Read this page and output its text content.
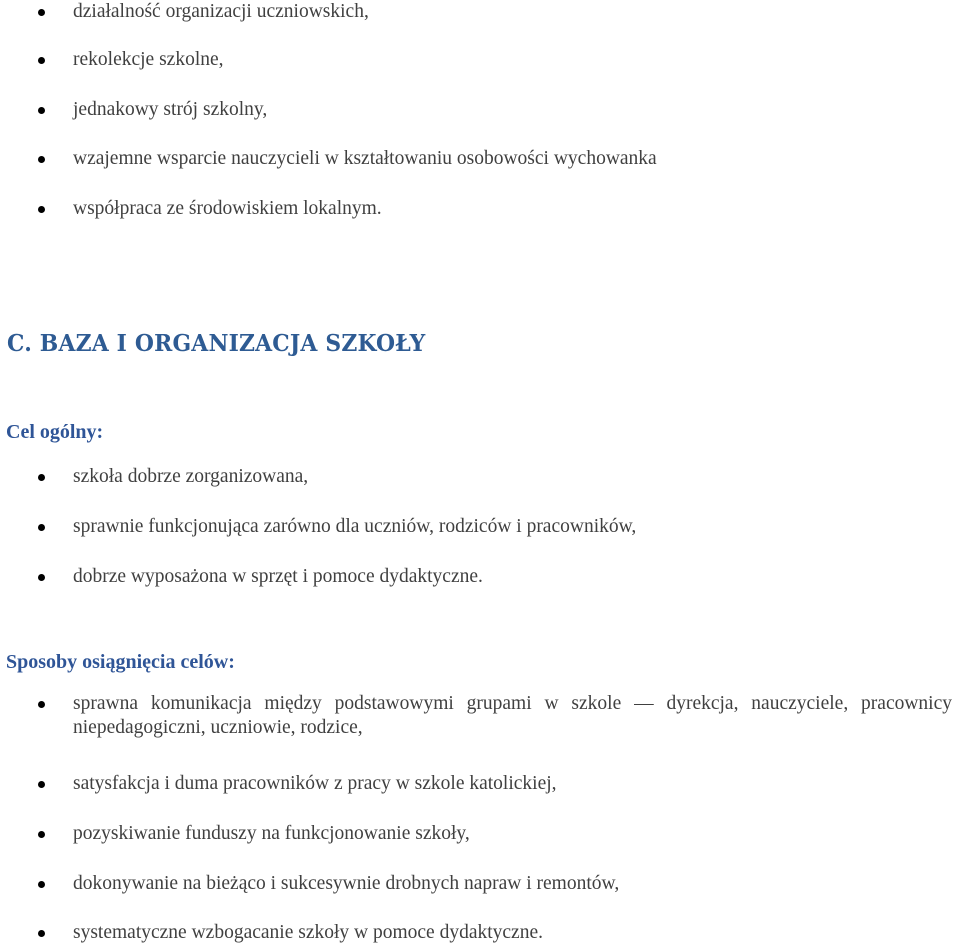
działalność organizacji uczniowskich,
rekolekcje szkolne,
jednakowy strój szkolny,
wzajemne wsparcie nauczycieli w kształtowaniu osobowości wychowanka
współpraca ze środowiskiem lokalnym.
C. BAZA I ORGANIZACJA SZKOŁY
Cel ogólny:
szkoła dobrze zorganizowana,
sprawnie funkcjonująca zarówno dla uczniów, rodziców i pracowników,
dobrze wyposażona w sprzęt i pomoce dydaktyczne.
Sposoby osiągnięcia celów:
sprawna komunikacja między podstawowymi grupami w szkole — dyrekcja, nauczyciele, pracownicy niepedagogiczni, uczniowie, rodzice,
satysfakcja i duma pracowników z pracy w szkole katolickiej,
pozyskiwanie funduszy na funkcjonowanie szkoły,
dokonywanie na bieżąco i sukcesywnie drobnych napraw i remontów,
systematyczne wzbogacanie szkoły w pomoce dydaktyczne.
